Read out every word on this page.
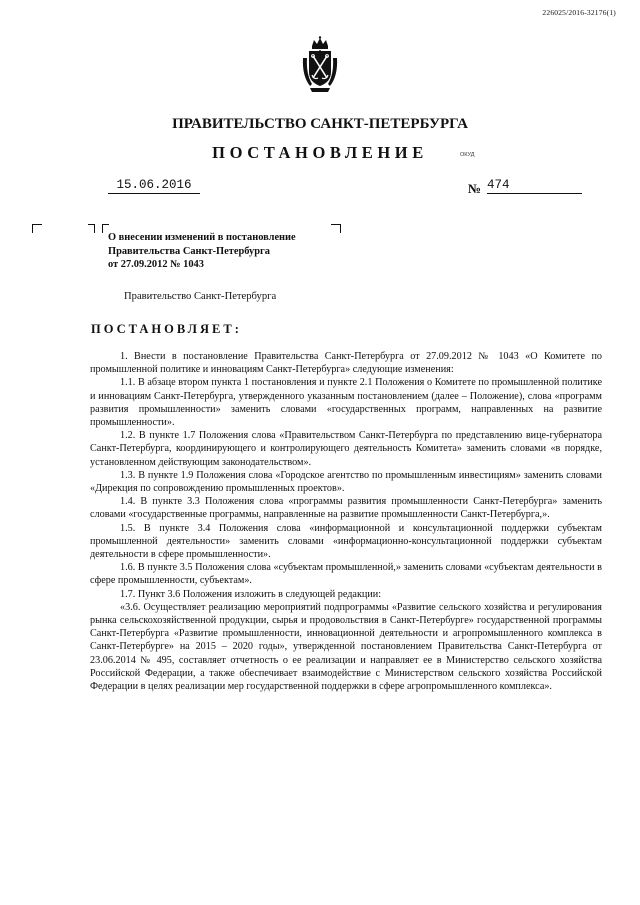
226025/2016-32176(1)
ПРАВИТЕЛЬСТВО САНКТ-ПЕТЕРБУРГА
ПОСТАНОВЛЕНИЕ	ОКУД
15.06.2016	№ 474
О внесении изменений в постановление
Правительства Санкт-Петербурга
от 27.09.2012 № 1043
Правительство Санкт-Петербурга
ПОСТАНОВЛЯЕТ:

1. Внести в постановление Правительства Санкт-Петербурга от 27.09.2012 № 1043 «О Комитете по промышленной политике и инновациям Санкт-Петербурга» следующие изменения:

1.1. В абзаце втором пункта 1 постановления и пункте 2.1 Положения о Комитете по промышленной политике и инновациям Санкт-Петербурга, утвержденного указанным постановлением (далее – Положение), слова «программ развития промышленности» заменить словами «государственных программ, направленных на развитие промышленности».

1.2. В пункте 1.7 Положения слова «Правительством Санкт-Петербурга по представлению вице-губернатора Санкт-Петербурга, координирующего и контролирующего деятельность Комитета» заменить словами «в порядке, установленном действующим законодательством».

1.3. В пункте 1.9 Положения слова «Городское агентство по промышленным инвестициям» заменить словами «Дирекция по сопровождению промышленных проектов».

1.4. В пункте 3.3 Положения слова «программы развития промышленности Санкт-Петербурга» заменить словами «государственные программы, направленные на развитие промышленности Санкт-Петербурга,».

1.5. В пункте 3.4 Положения слова «информационной и консультационной поддержки субъектам промышленной деятельности» заменить словами «информационно-консультационной поддержки субъектам деятельности в сфере промышленности».

1.6. В пункте 3.5 Положения слова «субъектам промышленной,» заменить словами «субъектам деятельности в сфере промышленности, субъектам».

1.7. Пункт 3.6 Положения изложить в следующей редакции:

«3.6. Осуществляет реализацию мероприятий подпрограммы «Развитие сельского хозяйства и регулирования рынка сельскохозяйственной продукции, сырья и продовольствия в Санкт-Петербурге» государственной программы Санкт-Петербурга «Развитие промышленности, инновационной деятельности и агропромышленного комплекса в Санкт-Петербурге» на 2015 – 2020 годы», утвержденной постановлением Правительства Санкт-Петербурга от 23.06.2014 № 495, составляет отчетность о ее реализации и направляет ее в Министерство сельского хозяйства Российской Федерации, а также обеспечивает взаимодействие с Министерством сельского хозяйства Российской Федерации в целях реализации мер государственной поддержки в сфере агропромышленного комплекса».
